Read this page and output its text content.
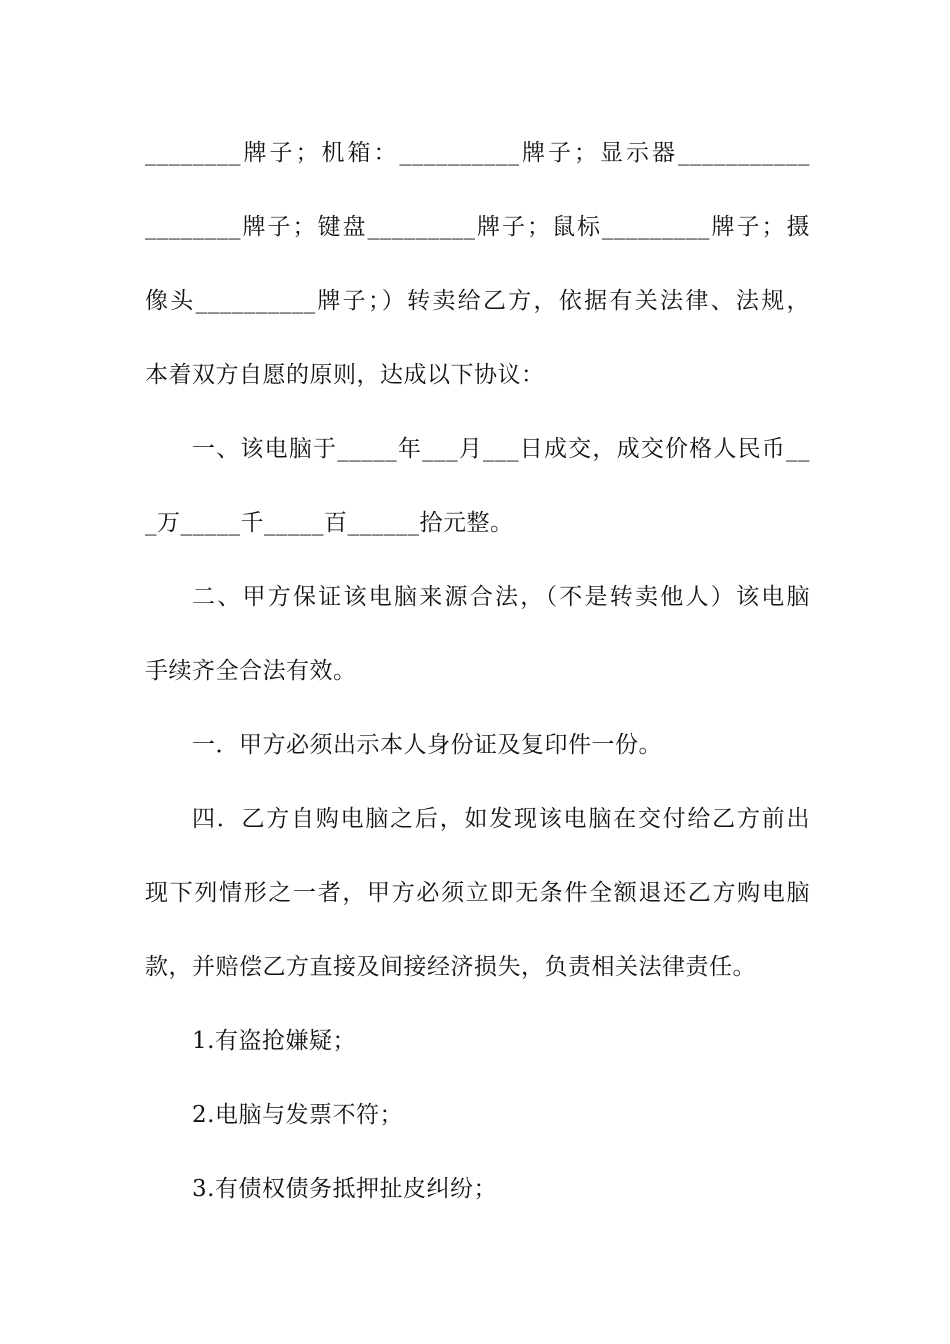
________牌子；机箱：__________牌子；显示器___________
________牌子；键盘_________牌子；鼠标_________牌子；摄
像头__________牌子；）转卖给乙方，依据有关法律、法规，
本着双方自愿的原则，达成以下协议：
一、该电脑于_____年___月___日成交，成交价格人民币__
_万_____千_____百______拾元整。
二、甲方保证该电脑来源合法，（不是转卖他人）该电脑
手续齐全合法有效。
一．甲方必须出示本人身份证及复印件一份。
四．乙方自购电脑之后，如发现该电脑在交付给乙方前出
现下列情形之一者，甲方必须立即无条件全额退还乙方购电脑
款，并赔偿乙方直接及间接经济损失，负责相关法律责任。
1.有盗抢嫌疑；
2.电脑与发票不符；
3.有债权债务抵押扯皮纠纷；
